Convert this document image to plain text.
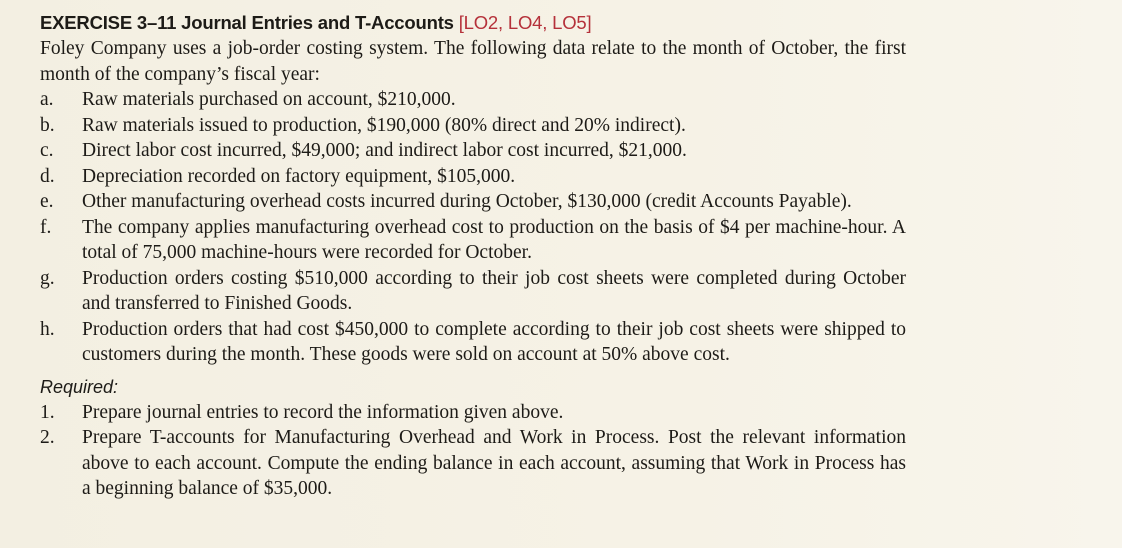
EXERCISE 3–11 Journal Entries and T-Accounts [LO2, LO4, LO5]
Foley Company uses a job-order costing system. The following data relate to the month of October, the first month of the company’s fiscal year:
a.	Raw materials purchased on account, $210,000.
b.	Raw materials issued to production, $190,000 (80% direct and 20% indirect).
c.	Direct labor cost incurred, $49,000; and indirect labor cost incurred, $21,000.
d.	Depreciation recorded on factory equipment, $105,000.
e.	Other manufacturing overhead costs incurred during October, $130,000 (credit Accounts Payable).
f.	The company applies manufacturing overhead cost to production on the basis of $4 per machine-hour. A total of 75,000 machine-hours were recorded for October.
g.	Production orders costing $510,000 according to their job cost sheets were completed during October and transferred to Finished Goods.
h.	Production orders that had cost $450,000 to complete according to their job cost sheets were shipped to customers during the month. These goods were sold on account at 50% above cost.
Required:
1.	Prepare journal entries to record the information given above.
2.	Prepare T-accounts for Manufacturing Overhead and Work in Process. Post the relevant information above to each account. Compute the ending balance in each account, assuming that Work in Process has a beginning balance of $35,000.
